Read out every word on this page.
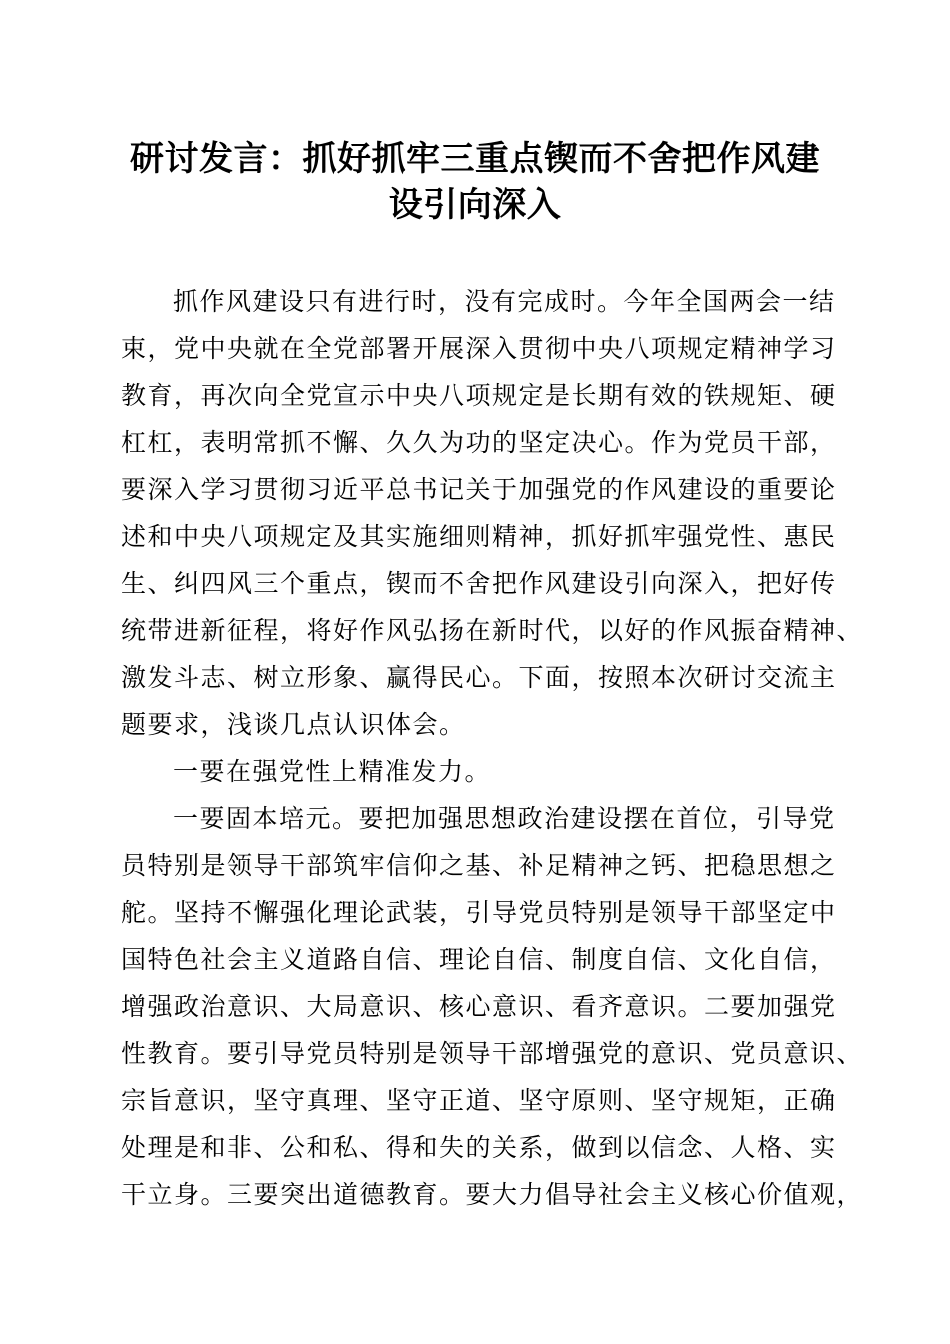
研讨发言：抓好抓牢三重点锲而不舍把作风建
设引向深入
抓作风建设只有进行时，没有完成时。今年全国两会一结
束，党中央就在全党部署开展深入贯彻中央八项规定精神学习
教育，再次向全党宣示中央八项规定是长期有效的铁规矩、硬
杠杠，表明常抓不懈、久久为功的坚定决心。作为党员干部，
要深入学习贯彻习近平总书记关于加强党的作风建设的重要论
述和中央八项规定及其实施细则精神，抓好抓牢强党性、惠民
生、纠四风三个重点，锲而不舍把作风建设引向深入，把好传
统带进新征程，将好作风弘扬在新时代，以好的作风振奋精神、
激发斗志、树立形象、赢得民心。下面，按照本次研讨交流主
题要求，浅谈几点认识体会。
一要在强党性上精准发力。
一要固本培元。要把加强思想政治建设摆在首位，引导党
员特别是领导干部筑牢信仰之基、补足精神之钙、把稳思想之
舵。坚持不懈强化理论武装，引导党员特别是领导干部坚定中
国特色社会主义道路自信、理论自信、制度自信、文化自信，
增强政治意识、大局意识、核心意识、看齐意识。二要加强党
性教育。要引导党员特别是领导干部增强党的意识、党员意识、
宗旨意识，坚守真理、坚守正道、坚守原则、坚守规矩，正确
处理是和非、公和私、得和失的关系，做到以信念、人格、实
干立身。三要突出道德教育。要大力倡导社会主义核心价值观，
